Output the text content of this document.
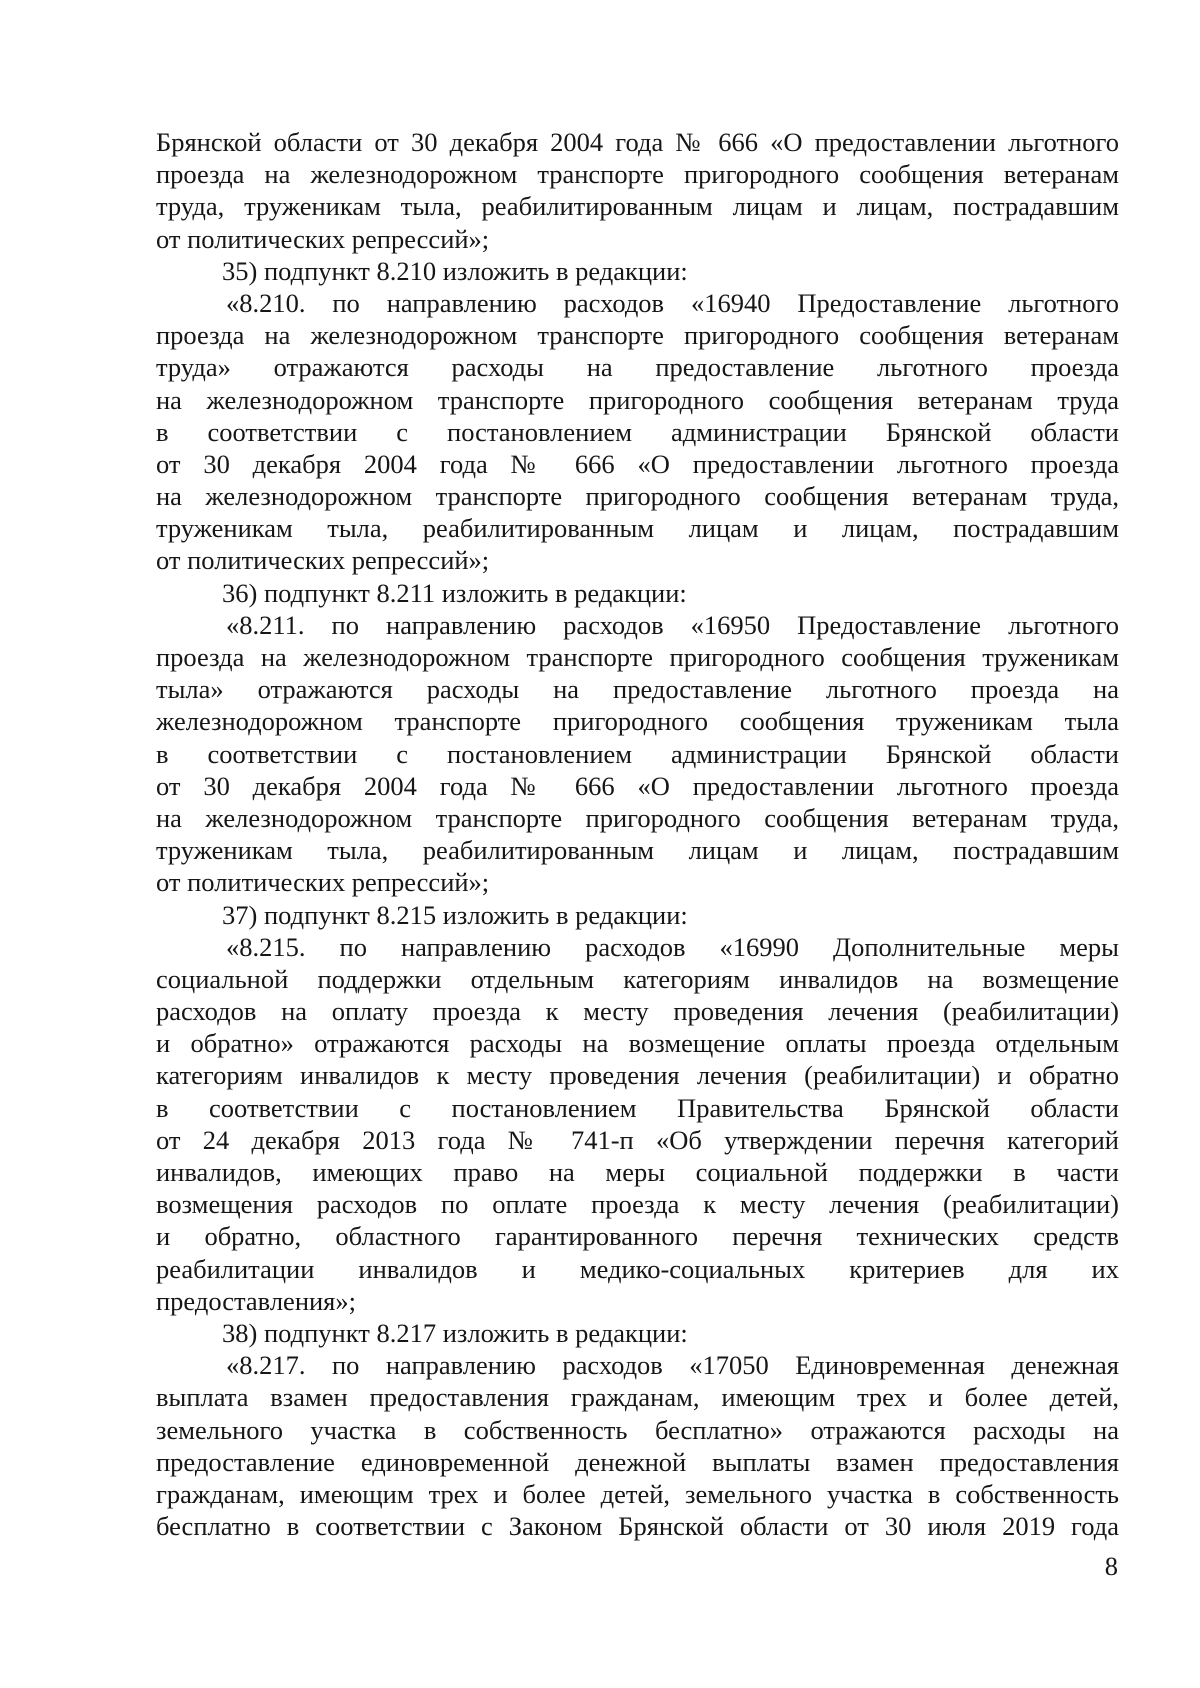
Брянской области от 30 декабря 2004 года № 666 «О предоставлении льготного
проезда на железнодорожном транспорте пригородного сообщения ветеранам
труда, труженикам тыла, реабилитированным лицам и лицам, пострадавшим
от политических репрессий»;
35) подпункт 8.210 изложить в редакции:
«8.210. по направлению расходов «16940 Предоставление льготного
проезда на железнодорожном транспорте пригородного сообщения ветеранам
труда» отражаются расходы на предоставление льготного проезда
на железнодорожном транспорте пригородного сообщения ветеранам труда
в соответствии с постановлением администрации Брянской области
от 30 декабря 2004 года № 666 «О предоставлении льготного проезда
на железнодорожном транспорте пригородного сообщения ветеранам труда,
труженикам тыла, реабилитированным лицам и лицам, пострадавшим
от политических репрессий»;
36) подпункт 8.211 изложить в редакции:
«8.211. по направлению расходов «16950 Предоставление льготного
проезда на железнодорожном транспорте пригородного сообщения труженикам
тыла» отражаются расходы на предоставление льготного проезда на
железнодорожном транспорте пригородного сообщения труженикам тыла
в соответствии с постановлением администрации Брянской области
от 30 декабря 2004 года № 666 «О предоставлении льготного проезда
на железнодорожном транспорте пригородного сообщения ветеранам труда,
труженикам тыла, реабилитированным лицам и лицам, пострадавшим
от политических репрессий»;
37) подпункт 8.215 изложить в редакции:
«8.215. по направлению расходов «16990 Дополнительные меры
социальной поддержки отдельным категориям инвалидов на возмещение
расходов на оплату проезда к месту проведения лечения (реабилитации)
и обратно» отражаются расходы на возмещение оплаты проезда отдельным
категориям инвалидов к месту проведения лечения (реабилитации) и обратно
в соответствии с постановлением Правительства Брянской области
от 24 декабря 2013 года № 741-п «Об утверждении перечня категорий
инвалидов, имеющих право на меры социальной поддержки в части
возмещения расходов по оплате проезда к месту лечения (реабилитации)
и обратно, областного гарантированного перечня технических средств
реабилитации инвалидов и медико-социальных критериев для их
предоставления»;
38) подпункт 8.217 изложить в редакции:
«8.217. по направлению расходов «17050 Единовременная денежная
выплата взамен предоставления гражданам, имеющим трех и более детей,
земельного участка в собственность бесплатно» отражаются расходы на
предоставление единовременной денежной выплаты взамен предоставления
гражданам, имеющим трех и более детей, земельного участка в собственность
бесплатно в соответствии с Законом Брянской области от 30 июля 2019 года
8
